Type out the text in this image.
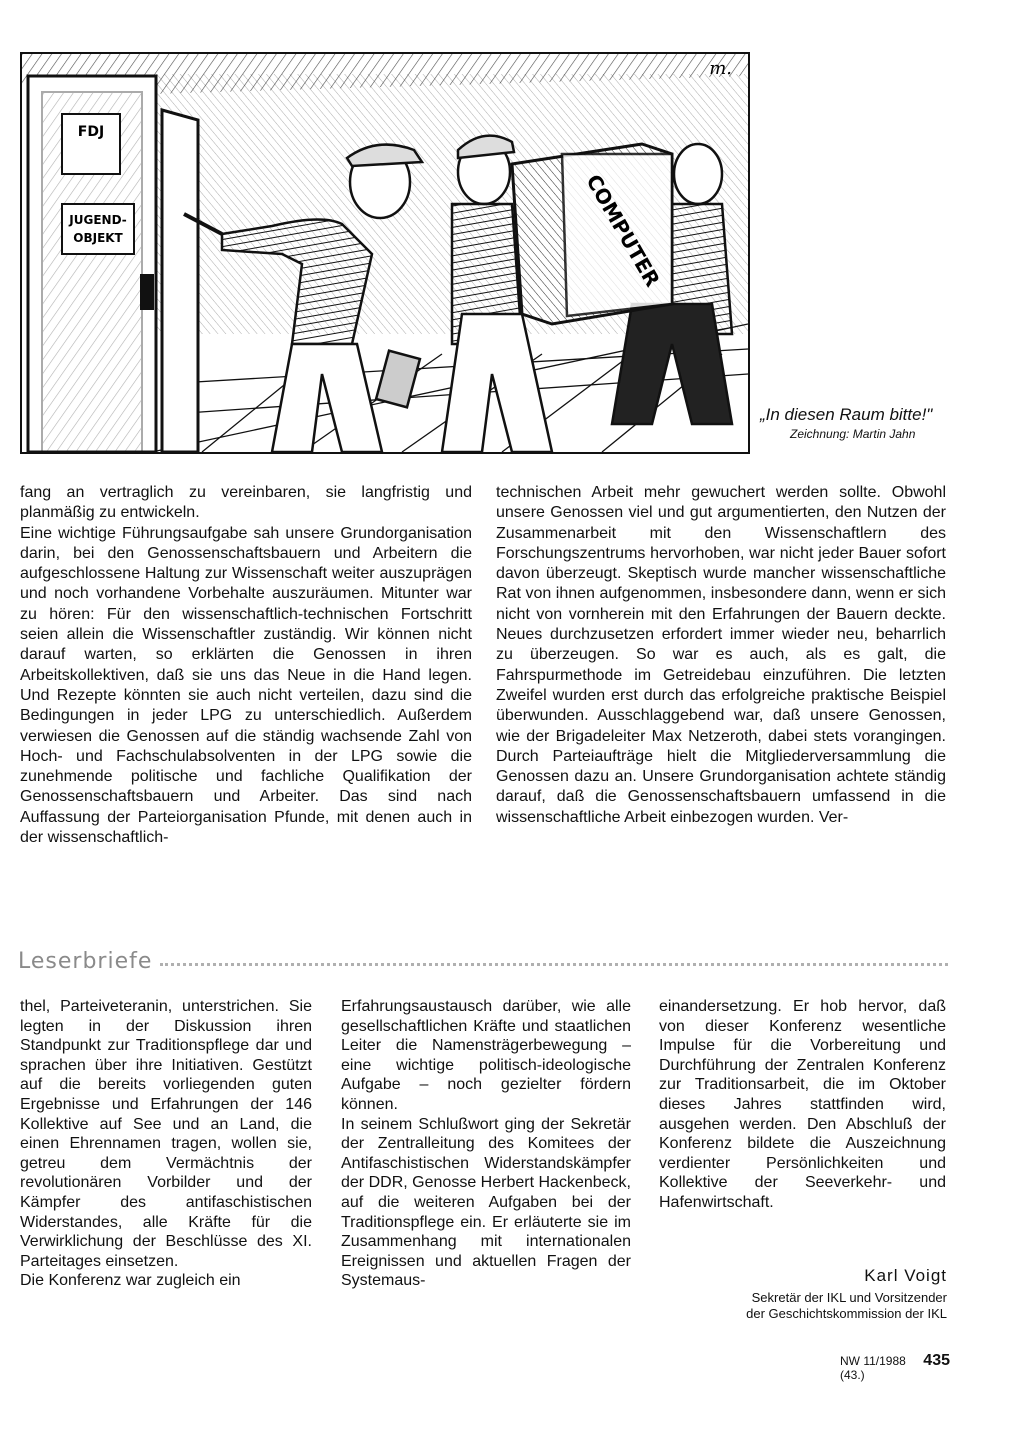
FDJ
JUGEND-
OBJEKT	COMPUTER
m.
„In diesen Raum bitte!"
Zeichnung: Martin Jahn

fang an vertraglich zu vereinbaren, sie langfristig und planmäßig zu entwickeln.

Eine wichtige Führungsaufgabe sah unsere Grundorganisation darin, bei den Genossenschaftsbauern und Arbeitern die aufgeschlossene Haltung zur Wissenschaft weiter auszuprägen und noch vorhandene Vorbehalte auszuräumen. Mitunter war zu hören: Für den wissenschaftlich-technischen Fortschritt seien allein die Wissenschaftler zuständig. Wir können nicht darauf warten, so erklärten die Genossen in ihren Arbeitskollektiven, daß sie uns das Neue in die Hand legen. Und Rezepte könnten sie auch nicht verteilen, dazu sind die Bedingungen in jeder LPG zu unterschiedlich. Außerdem verwiesen die Genossen auf die ständig wachsende Zahl von Hoch- und Fachschulabsolventen in der LPG sowie die zunehmende politische und fachliche Qualifikation der Genossenschaftsbauern und Arbeiter. Das sind nach Auffassung der Parteiorganisation Pfunde, mit denen auch in der wissenschaftlich-

technischen Arbeit mehr gewuchert werden sollte. Obwohl unsere Genossen viel und gut argumentierten, den Nutzen der Zusammenarbeit mit den Wissenschaftlern des Forschungszentrums hervorhoben, war nicht jeder Bauer sofort davon überzeugt. Skeptisch wurde mancher wissenschaftliche Rat von ihnen aufgenommen, insbesondere dann, wenn er sich nicht von vornherein mit den Erfahrungen der Bauern deckte. Neues durchzusetzen erfordert immer wieder neu, beharrlich zu überzeugen. So war es auch, als es galt, die Fahrspurmethode im Getreidebau einzuführen. Die letzten Zweifel wurden erst durch das erfolgreiche praktische Beispiel überwunden. Ausschlaggebend war, daß unsere Genossen, wie der Brigadeleiter Max Netzeroth, dabei stets vorangingen. Durch Parteiaufträge hielt die Mitgliederversammlung die Genossen dazu an. Unsere Grundorganisation achtete ständig darauf, daß die Genossenschaftsbauern umfassend in die wissenschaftliche Arbeit einbezogen wurden. Ver-

Leserbriefe

thel, Parteiveteranin, unterstrichen. Sie legten in der Diskussion ihren Standpunkt zur Traditionspflege dar und sprachen über ihre Initiativen. Gestützt auf die bereits vorliegenden guten Ergebnisse und Erfahrungen der 146 Kollektive auf See und an Land, die einen Ehrennamen tragen, wollen sie, getreu dem Vermächtnis der revolutionären Vorbilder und der Kämpfer des antifaschistischen Widerstandes, alle Kräfte für die Verwirklichung der Beschlüsse des XI. Parteitages einsetzen.

Die Konferenz war zugleich ein

Erfahrungsaustausch darüber, wie alle gesellschaftlichen Kräfte und staatlichen Leiter die Namensträgerbewegung – eine wichtige politisch-ideologische Aufgabe – noch gezielter fördern können.

In seinem Schlußwort ging der Sekretär der Zentralleitung des Komitees der Antifaschistischen Widerstandskämpfer der DDR, Genosse Herbert Hackenbeck, auf die weiteren Aufgaben bei der Traditionspflege ein. Er erläuterte sie im Zusammenhang mit internationalen Ereignissen und aktuellen Fragen der Systemaus-

einandersetzung. Er hob hervor, daß von dieser Konferenz wesentliche Impulse für die Vorbereitung und Durchführung der Zentralen Konferenz zur Traditionsarbeit, die im Oktober dieses Jahres stattfinden wird, ausgehen werden. Den Abschluß der Konferenz bildete die Auszeichnung verdienter Persönlichkeiten und Kollektive der Seeverkehr- und Hafenwirtschaft.

Karl Voigt
Sekretär der IKL und Vorsitzender
der Geschichtskommission der IKL
NW 11/1988 (43.)
435
